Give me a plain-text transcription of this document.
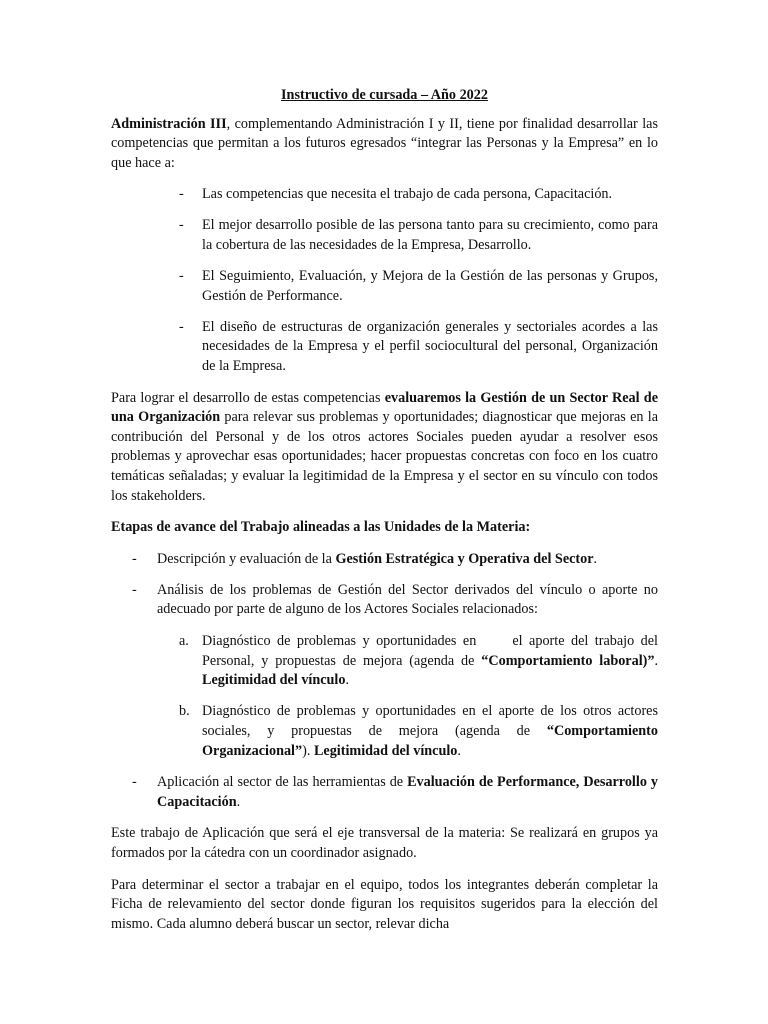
Instructivo de cursada – Año 2022

Administración III, complementando Administración I y II, tiene por finalidad desarrollar las competencias que permitan a los futuros egresados “integrar las Personas y la Empresa” en lo que hace a:

- Las competencias que necesita el trabajo de cada persona, Capacitación.
- El mejor desarrollo posible de las persona tanto para su crecimiento, como para la cobertura de las necesidades de la Empresa, Desarrollo.
- El Seguimiento, Evaluación, y Mejora de la Gestión de las personas y Grupos, Gestión de Performance.
- El diseño de estructuras de organización generales y sectoriales acordes a las necesidades de la Empresa y el perfil sociocultural del personal, Organización de la Empresa.

Para lograr el desarrollo de estas competencias evaluaremos la Gestión de un Sector Real de una Organización para relevar sus problemas y oportunidades; diagnosticar que mejoras en la contribución del Personal y de los otros actores Sociales pueden ayudar a resolver esos problemas y aprovechar esas oportunidades; hacer propuestas concretas con foco en los cuatro temáticas señaladas; y evaluar la legitimidad de la Empresa y el sector en su vínculo con todos los stakeholders.

Etapas de avance del Trabajo alineadas a las Unidades de la Materia:

- Descripción y evaluación de la Gestión Estratégica y Operativa del Sector.
- Análisis de los problemas de Gestión del Sector derivados del vínculo o aporte no adecuado por parte de alguno de los Actores Sociales relacionados:
a. Diagnóstico de problemas y oportunidades en	el aporte del trabajo del Personal, y propuestas de mejora (agenda de “Comportamiento laboral)”. Legitimidad del vínculo.
b. Diagnóstico de problemas y oportunidades en el aporte de los otros actores sociales, y propuestas de mejora (agenda de “Comportamiento Organizacional”). Legitimidad del vínculo.
- Aplicación al sector de las herramientas de Evaluación de Performance, Desarrollo y Capacitación.

Este trabajo de Aplicación que será el eje transversal de la materia: Se realizará en grupos ya formados por la cátedra con un coordinador asignado.

Para determinar el sector a trabajar en el equipo, todos los integrantes deberán completar la Ficha de relevamiento del sector donde figuran los requisitos sugeridos para la elección del mismo. Cada alumno deberá buscar un sector, relevar dicha
